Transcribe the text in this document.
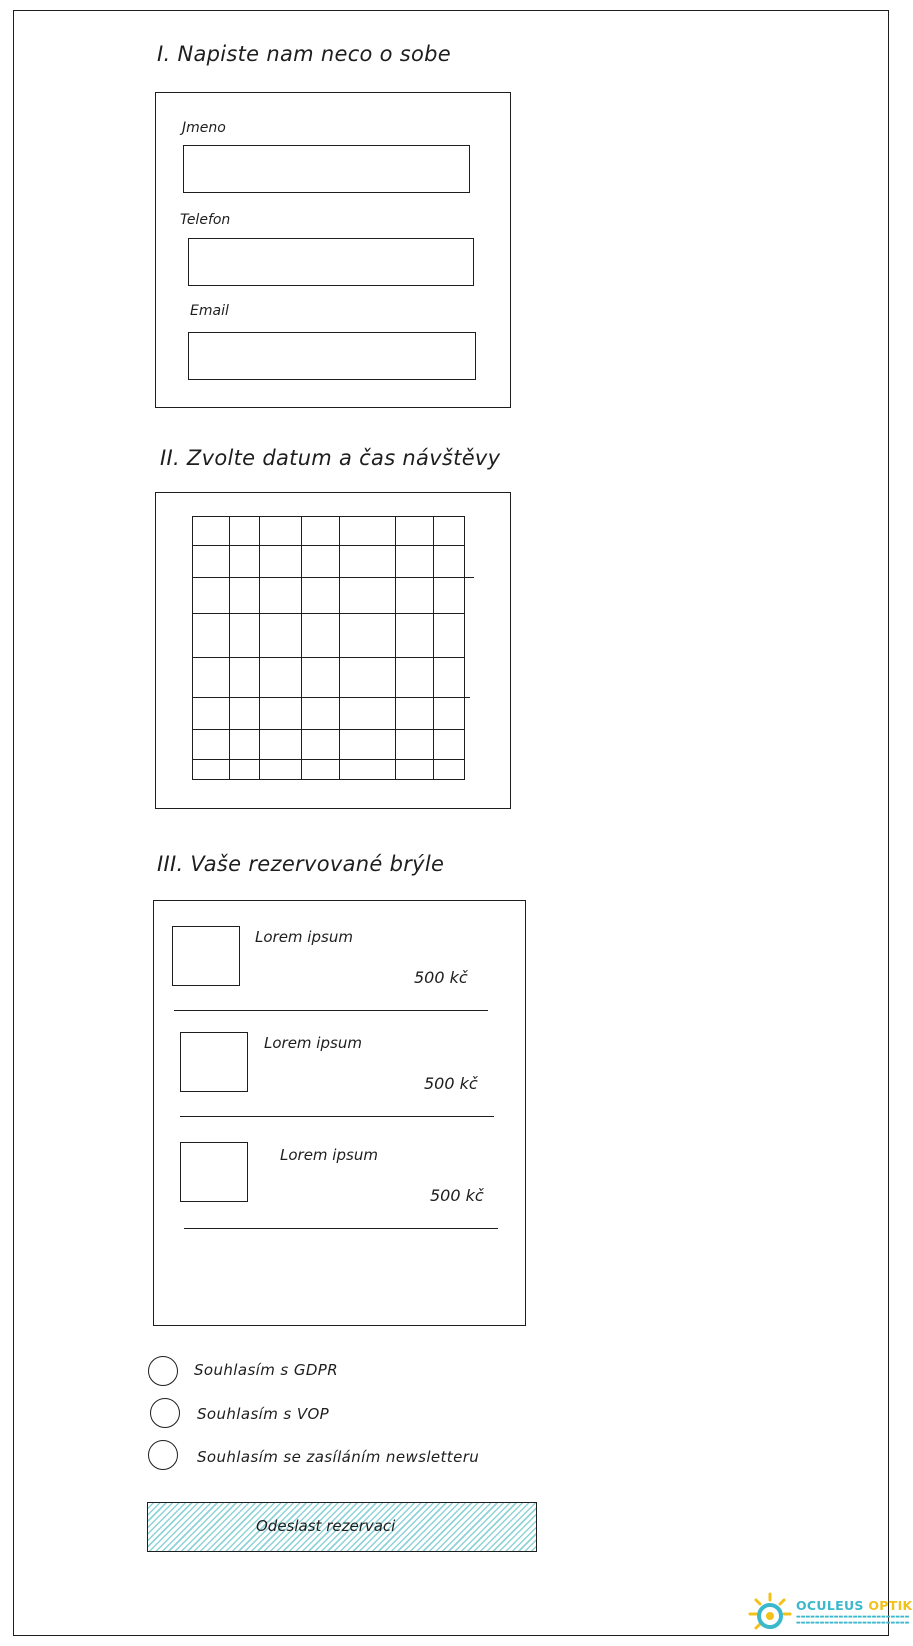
I. Napiste nam neco o sobe
Jmeno
Telefon
Email
II. Zvolte datum a čas návštěvy
III. Vaše rezervované brýle
Lorem ipsum
500 kč
Lorem ipsum
500 kč
Lorem ipsum
500 kč
Souhlasím s GDPR
Souhlasím s VOP
Souhlasím se zasíláním newsletteru
Odeslast rezervaci
OCULEUS OPTIK
▬▬▬▬▬▬▬▬▬▬▬▬▬▬▬▬▬▬▬▬▬▬▬▬
▬▬▬▬▬▬▬▬▬▬▬▬▬▬▬▬▬▬▬▬▬▬▬▬
